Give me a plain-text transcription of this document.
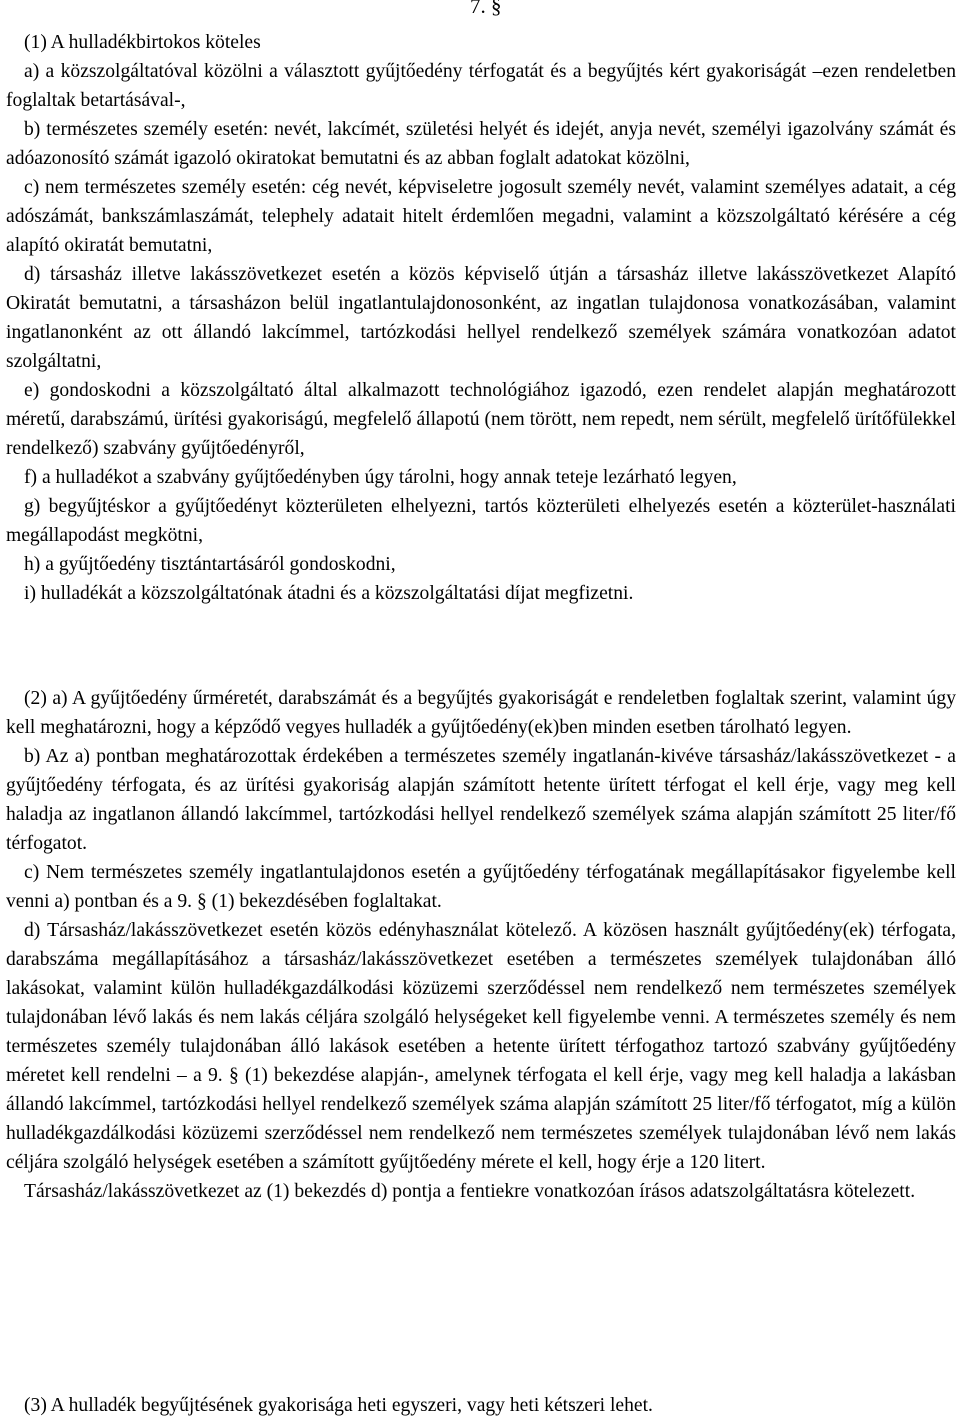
7. §

(1) A hulladékbirtokos köteles

a) a közszolgáltatóval közölni a választott gyűjtőedény térfogatát és a begyűjtés kért gyakoriságát –ezen rendeletben foglaltak betartásával-,

b) természetes személy esetén: nevét, lakcímét, születési helyét és idejét, anyja nevét, személyi igazolvány számát és adóazonosító számát igazoló okiratokat bemutatni és az abban foglalt adatokat közölni,

c) nem természetes személy esetén: cég nevét, képviseletre jogosult személy nevét, valamint személyes adatait, a cég adószámát, bankszámlaszámát, telephely adatait hitelt érdemlően megadni, valamint a közszolgáltató kérésére a cég alapító okiratát bemutatni,

d) társasház illetve lakásszövetkezet esetén a közös képviselő útján a társasház illetve lakásszövetkezet Alapító Okiratát bemutatni, a társasházon belül ingatlantulajdonosonként, az ingatlan tulajdonosa vonatkozásában, valamint ingatlanonként az ott állandó lakcímmel, tartózkodási hellyel rendelkező személyek számára vonatkozóan adatot szolgáltatni,

e) gondoskodni a közszolgáltató által alkalmazott technológiához igazodó, ezen rendelet alapján meghatározott méretű, darabszámú, ürítési gyakoriságú, megfelelő állapotú (nem törött, nem repedt, nem sérült, megfelelő ürítőfülekkel rendelkező) szabvány gyűjtőedényről,

f) a hulladékot a szabvány gyűjtőedényben úgy tárolni, hogy annak teteje lezárható legyen,

g) begyűjtéskor a gyűjtőedényt közterületen elhelyezni, tartós közterületi elhelyezés esetén a közterület-használati megállapodást megkötni,

h) a gyűjtőedény tisztántartásáról gondoskodni,

i) hulladékát a közszolgáltatónak átadni és a közszolgáltatási díjat megfizetni.

(2) a) A gyűjtőedény űrméretét, darabszámát és a begyűjtés gyakoriságát e rendeletben foglaltak szerint, valamint úgy kell meghatározni, hogy a képződő vegyes hulladék a gyűjtőedény(ek)ben minden esetben tárolható legyen.

b) Az a) pontban meghatározottak érdekében a természetes személy ingatlanán-kivéve társasház/lakásszövetkezet - a gyűjtőedény térfogata, és az ürítési gyakoriság alapján számított hetente ürített térfogat el kell érje, vagy meg kell haladja az ingatlanon állandó lakcímmel, tartózkodási hellyel rendelkező személyek száma alapján számított 25 liter/fő térfogatot.

c) Nem természetes személy ingatlantulajdonos esetén a gyűjtőedény térfogatának megállapításakor figyelembe kell venni a) pontban és a 9. § (1) bekezdésében foglaltakat.

d) Társasház/lakásszövetkezet esetén közös edényhasználat kötelező. A közösen használt gyűjtőedény(ek) térfogata, darabszáma megállapításához a társasház/lakásszövetkezet esetében a természetes személyek tulajdonában álló lakásokat, valamint külön hulladékgazdálkodási közüzemi szerződéssel nem rendelkező nem természetes személyek tulajdonában lévő lakás és nem lakás céljára szolgáló helységeket kell figyelembe venni. A természetes személy és nem természetes személy tulajdonában álló lakások esetében a hetente ürített térfogathoz tartozó szabvány gyűjtőedény méretet kell rendelni – a 9. § (1) bekezdése alapján-, amelynek térfogata el kell érje, vagy meg kell haladja a lakásban állandó lakcímmel, tartózkodási hellyel rendelkező személyek száma alapján számított 25 liter/fő térfogatot, míg a külön hulladékgazdálkodási közüzemi szerződéssel nem rendelkező nem természetes személyek tulajdonában lévő nem lakás céljára szolgáló helységek esetében a számított gyűjtőedény mérete el kell, hogy érje a 120 litert.

Társasház/lakásszövetkezet az (1) bekezdés d) pontja a fentiekre vonatkozóan írásos adatszolgáltatásra kötelezett.

(3) A hulladék begyűjtésének gyakorisága heti egyszeri, vagy heti kétszeri lehet.
